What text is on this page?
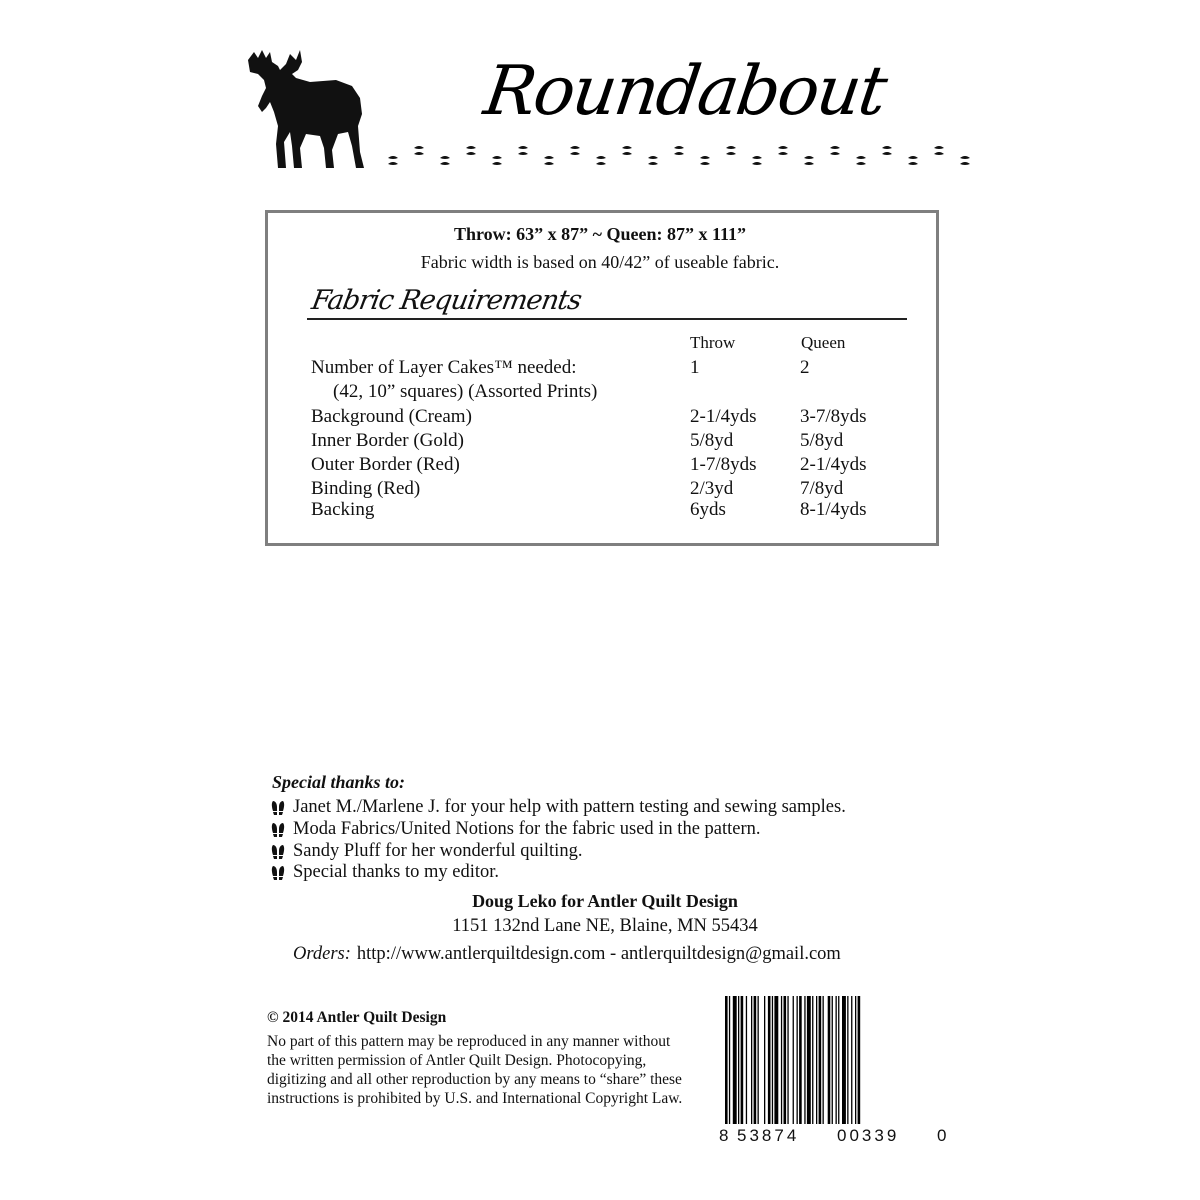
Roundabout
Throw: 63” x 87” ~ Queen: 87” x 111”
Fabric width is based on 40/42” of useable fabric.
Fabric Requirements
Throw	Queen
Number of Layer Cakes™ needed:	1	2
(42, 10” squares) (Assorted Prints)
Background (Cream)	2-1/4yds 3-7/8yds
Inner Border (Gold)	5/8yd	5/8yd
Outer Border (Red)	1-7/8yds 2-1/4yds
Binding (Red)	2/3yd	7/8yd
Backing	6yds	8-1/4yds
Special thanks to:
Janet M./Marlene J. for your help with pattern testing and sewing samples.
Moda Fabrics/United Notions for the fabric used in the pattern.
Sandy Pluff for her wonderful quilting.
Special thanks to my editor.
Doug Leko for Antler Quilt Design
1151 132nd Lane NE, Blaine, MN 55434
Orders: http://www.antlerquiltdesign.com - antlerquiltdesign@gmail.com
© 2014 Antler Quilt Design
No part of this pattern may be reproduced in any manner without the written permission of Antler Quilt Design. Photocopying, digitizing and all other reproduction by any means to “share” these instructions is prohibited by U.S. and International Copyright Law.
8 53874 00339 0
